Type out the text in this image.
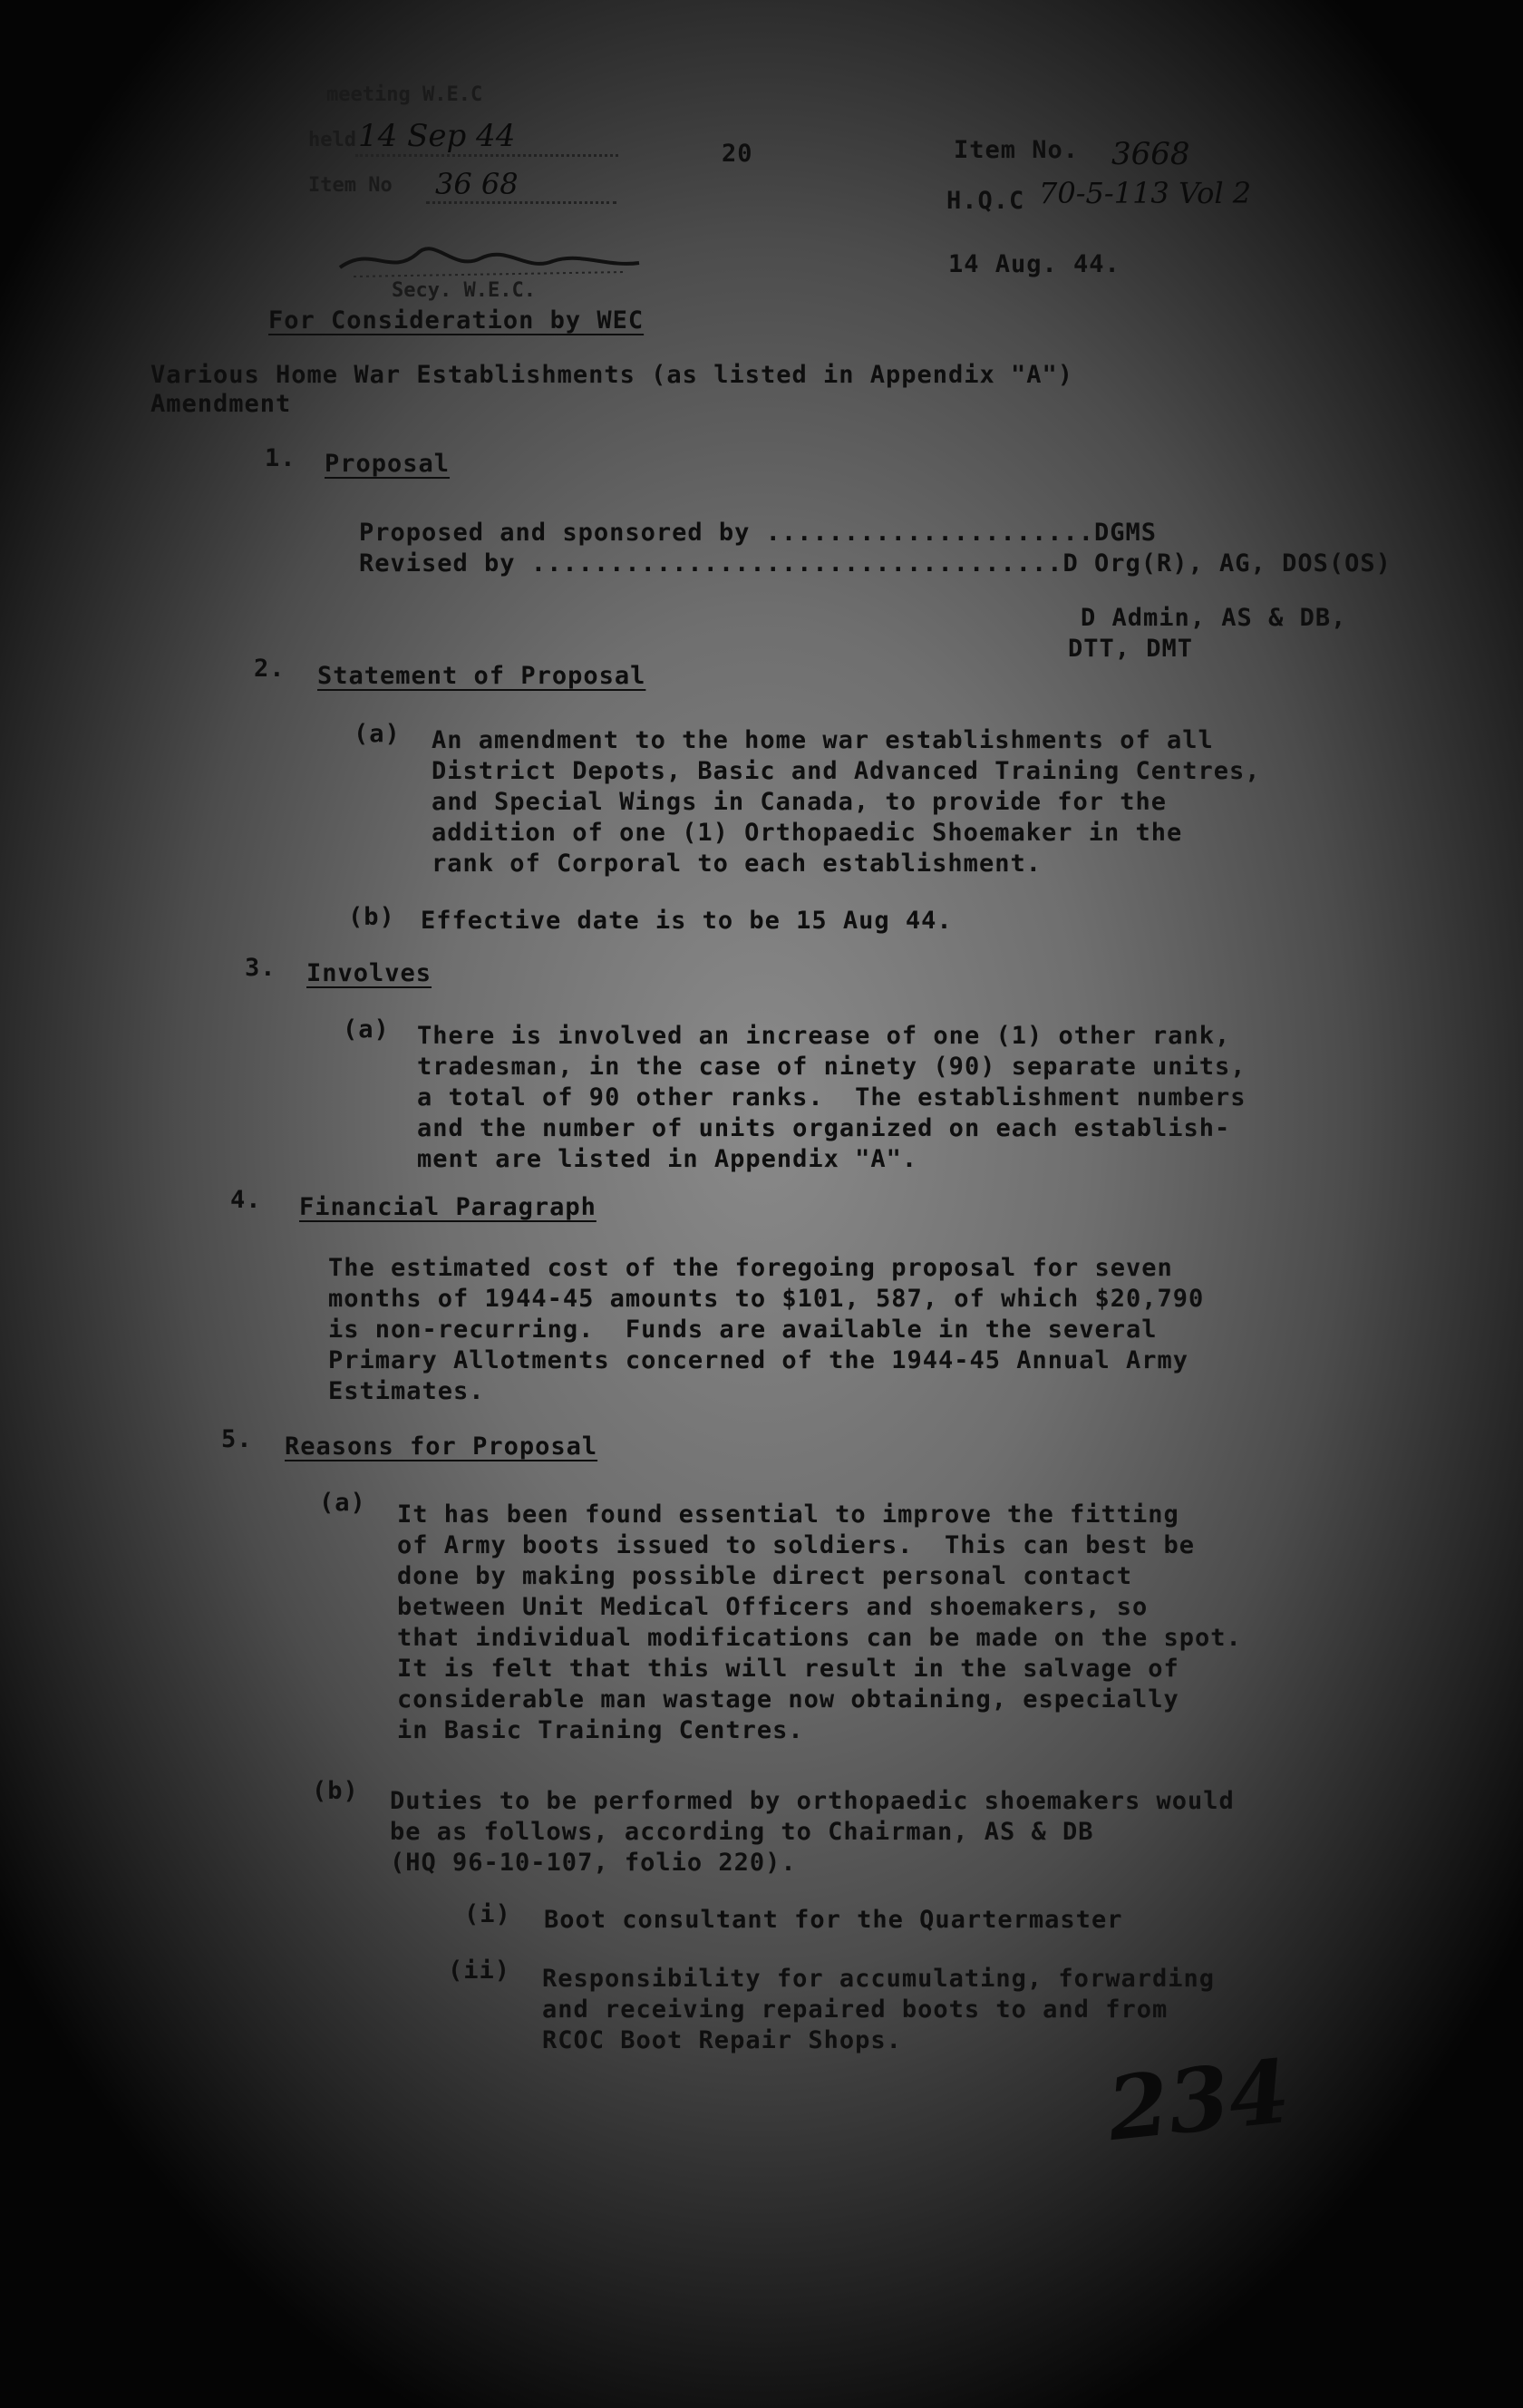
meeting W.E.C
held 14 Sep 44
Item No 36 68
Secy. W.E.C.
20	Item No. 3668
H.Q.C 70-5-113 Vol 2
14 Aug. 44.
For Consideration by WEC
Various Home War Establishments (as listed in Appendix "A")
Amendment
1. Proposal
Proposed and sponsored by .....................DGMS
Revised by ..................................D Org(R), AG, DOS(OS)
D Admin, AS & DB,
DTT, DMT
2. Statement of Proposal
(a) An amendment to the home war establishments of all
District Depots, Basic and Advanced Training Centres,
and Special Wings in Canada, to provide for the
addition of one (1) Orthopaedic Shoemaker in the
rank of Corporal to each establishment.
(b) Effective date is to be 15 Aug 44.
3. Involves
(a) There is involved an increase of one (1) other rank,
tradesman, in the case of ninety (90) separate units,
a total of 90 other ranks.  The establishment numbers
and the number of units organized on each establish-
ment are listed in Appendix "A".
4. Financial Paragraph
The estimated cost of the foregoing proposal for seven
months of 1944-45 amounts to $101, 587, of which $20,790
is non-recurring.  Funds are available in the several
Primary Allotments concerned of the 1944-45 Annual Army
Estimates.
5. Reasons for Proposal
(a) It has been found essential to improve the fitting
of Army boots issued to soldiers.  This can best be
done by making possible direct personal contact
between Unit Medical Officers and shoemakers, so
that individual modifications can be made on the spot.
It is felt that this will result in the salvage of
considerable man wastage now obtaining, especially
in Basic Training Centres.
(b) Duties to be performed by orthopaedic shoemakers would
be as follows, according to Chairman, AS & DB
(HQ 96-10-107, folio 220).
(i) Boot consultant for the Quartermaster
(ii) Responsibility for accumulating, forwarding
and receiving repaired boots to and from
RCOC Boot Repair Shops.	234
